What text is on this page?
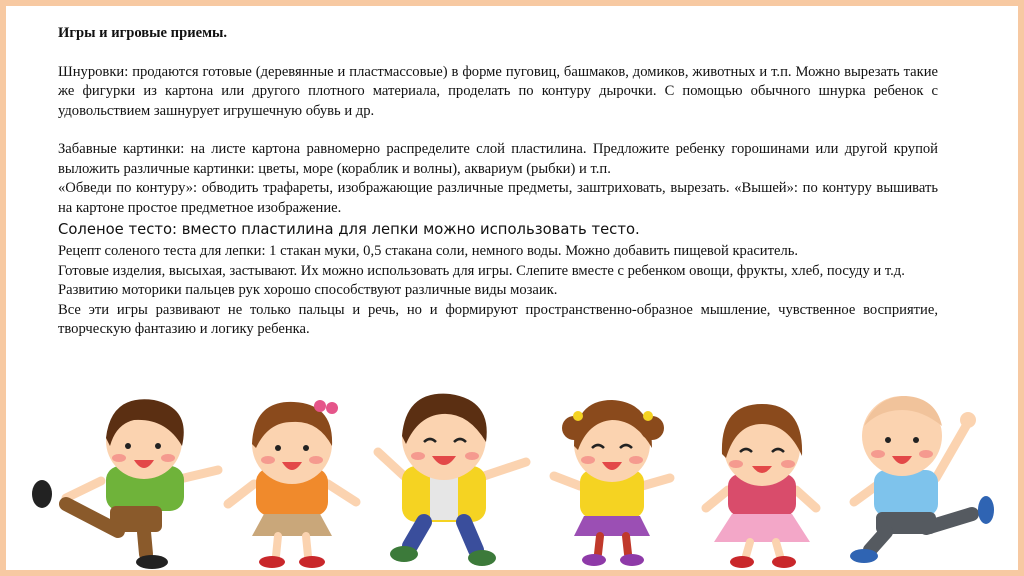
Игры и игровые приемы.

Шнуровки: продаются готовые (деревянные и пластмассовые) в форме пуговиц, башмаков, домиков, животных и т.п. Можно вырезать такие же фигурки из картона или другого плотного материала, проделать по контуру дырочки. С помощью обычного шнурка ребенок с удовольствием зашнурует игрушечную обувь и др.

Забавные картинки: на листе картона равномерно распределите слой пластилина. Предложите ребенку горошинами или другой крупой выложить различные картинки: цветы, море (кораблик и волны), аквариум (рыбки) и т.п.

«Обведи по контуру»: обводить трафареты, изображающие различные предметы, заштриховать, вырезать. «Вышей»: по контуру вышивать на картоне простое предметное изображение.

Соленое тесто: вместо пластилина для лепки можно использовать тесто.

Рецепт соленого теста для лепки: 1 стакан муки, 0,5 стакана соли, немного воды. Можно добавить пищевой краситель.

Готовые изделия, высыхая, застывают. Их можно использовать для игры. Слепите вместе с ребенком овощи, фрукты, хлеб, посуду и т.д.

Развитию моторики пальцев рук хорошо способствуют различные виды мозаик.

Все эти игры развивают не только пальцы и речь, но и формируют пространственно-образное мышление, чувственное восприятие, творческую фантазию и логику ребенка.
